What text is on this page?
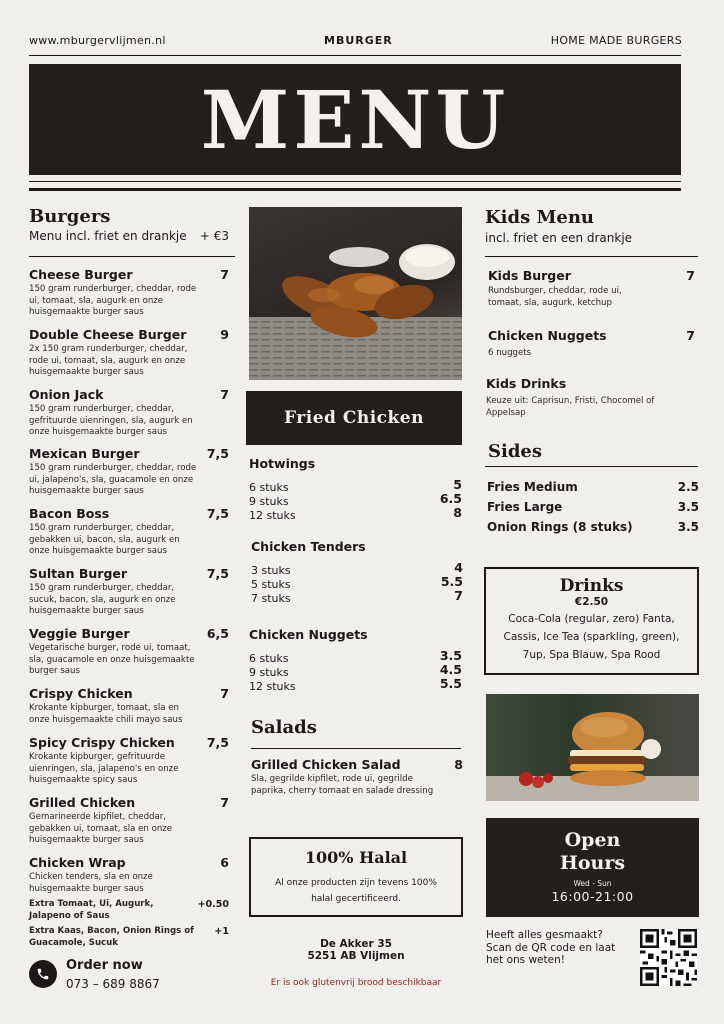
www.mburgervlijmen.nl	MBURGER	HOME MADE BURGERS
MENU
Burgers
Menu incl. friet en drankje + €3
Cheese Burger	7
150 gram runderburger, cheddar, rode ui, tomaat, sla, augurk en onze huisgemaakte burger saus
Double Cheese Burger	9
2x 150 gram runderburger, cheddar, rode ui, tomaat, sla, augurk en onze huisgemaakte burger saus
Onion Jack	7
150 gram runderburger, cheddar, gefrituurde uienringen, sla, augurk en onze huisgemaakte burger saus
Mexican Burger	7,5
150 gram runderburger, cheddar, rode ui, jalapeno's, sla, guacamole en onze huisgemaakte burger saus
Bacon Boss	7,5
150 gram runderburger, cheddar, gebakken ui, bacon, sla, augurk en onze huisgemaakte burger saus
Sultan Burger	7,5
150 gram runderburger, cheddar, sucuk, bacon, sla, augurk en onze huisgemaakte burger saus
Veggie Burger	6,5
Vegetarische burger, rode ui, tomaat, sla, guacamole en onze huisgemaakte burger saus
Crispy Chicken	7
Krokante kipburger, tomaat, sla en onze huisgemaakte chili mayo saus
Spicy Crispy Chicken	7,5
Krokante kipburger, gefrituurde uienringen, sla, jalapeno's en onze huisgemaakte spicy saus
Grilled Chicken	7
Gemarineerde kipfilet, cheddar, gebakken ui, tomaat, sla en onze huisgemaakte burger saus
Chicken Wrap	6
Chicken tenders, sla en onze huisgemaakte burger saus
Extra Tomaat, Ui, Augurk, Jalapeno of Saus
+0.50
Extra Kaas, Bacon, Onion Rings of Guacamole, Sucuk
+1
Order now
073 – 689 8867
Fried Chicken
Hotwings
6 stuks	5
9 stuks	6.5
12 stuks	8
Chicken Tenders
3 stuks	4
5 stuks	5.5
7 stuks	7
Chicken Nuggets
6 stuks	3.5
9 stuks	4.5
12 stuks	5.5
Salads
Grilled Chicken Salad	8
Sla, gegrilde kipfilet, rode ui, gegrilde paprika, cherry tomaat en salade dressing
100% Halal
Al onze producten zijn tevens 100% halal gecertificeerd.
De Akker 35
5251 AB Vlijmen
Er is ook glutenvrij brood beschikbaar
Kids Menu
incl. friet en een drankje
Kids Burger	7
Rundsburger, cheddar, rode ui, tomaat, sla, augurk, ketchup
Chicken Nuggets	7
6 nuggets
Kids Drinks
Keuze uit: Caprisun, Fristi, Chocomel of Appelsap
Sides
Fries Medium	2.5
Fries Large	3.5
Onion Rings (8 stuks)	3.5
Drinks
€2.50
Coca-Cola (regular, zero) Fanta, Cassis, Ice Tea (sparkling, green), 7up, Spa Blauw, Spa Rood
Open
Hours
Wed - Sun
16:00-21:00
Heeft alles gesmaakt? Scan de QR code en laat het ons weten!
